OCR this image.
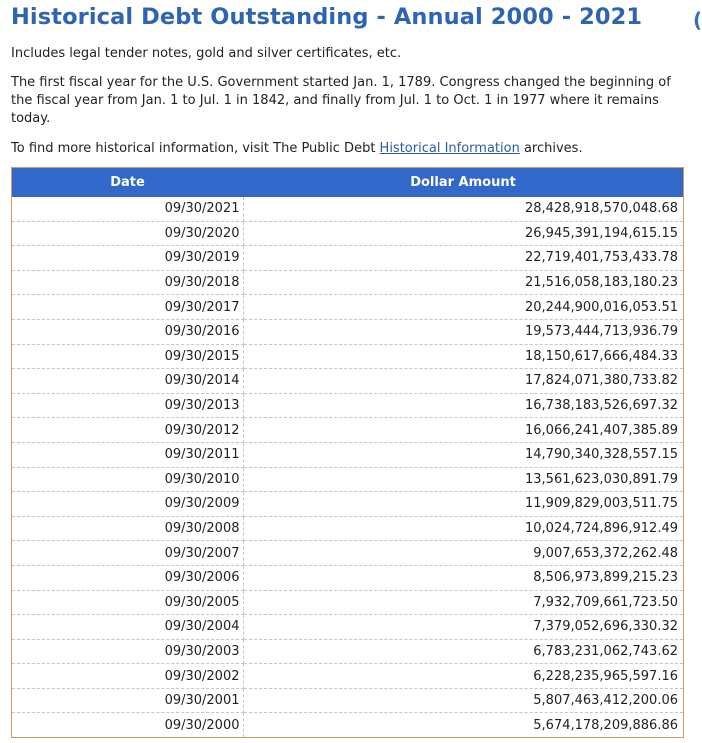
Historical Debt Outstanding - Annual 2000 - 2021	(

Includes legal tender notes, gold and silver certificates, etc.

The first fiscal year for the U.S. Government started Jan. 1, 1789. Congress changed the beginning of the fiscal year from Jan. 1 to Jul. 1 in 1842, and finally from Jul. 1 to Oct. 1 in 1977 where it remains today.

To find more historical information, visit The Public Debt Historical Information archives.

Date	Dollar Amount
09/30/2021	28,428,918,570,048.68
09/30/2020	26,945,391,194,615.15
09/30/2019	22,719,401,753,433.78
09/30/2018	21,516,058,183,180.23
09/30/2017	20,244,900,016,053.51
09/30/2016	19,573,444,713,936.79
09/30/2015	18,150,617,666,484.33
09/30/2014	17,824,071,380,733.82
09/30/2013	16,738,183,526,697.32
09/30/2012	16,066,241,407,385.89
09/30/2011	14,790,340,328,557.15
09/30/2010	13,561,623,030,891.79
09/30/2009	11,909,829,003,511.75
09/30/2008	10,024,724,896,912.49
09/30/2007	9,007,653,372,262.48
09/30/2006	8,506,973,899,215.23
09/30/2005	7,932,709,661,723.50
09/30/2004	7,379,052,696,330.32
09/30/2003	6,783,231,062,743.62
09/30/2002	6,228,235,965,597.16
09/30/2001	5,807,463,412,200.06
09/30/2000	5,674,178,209,886.86
